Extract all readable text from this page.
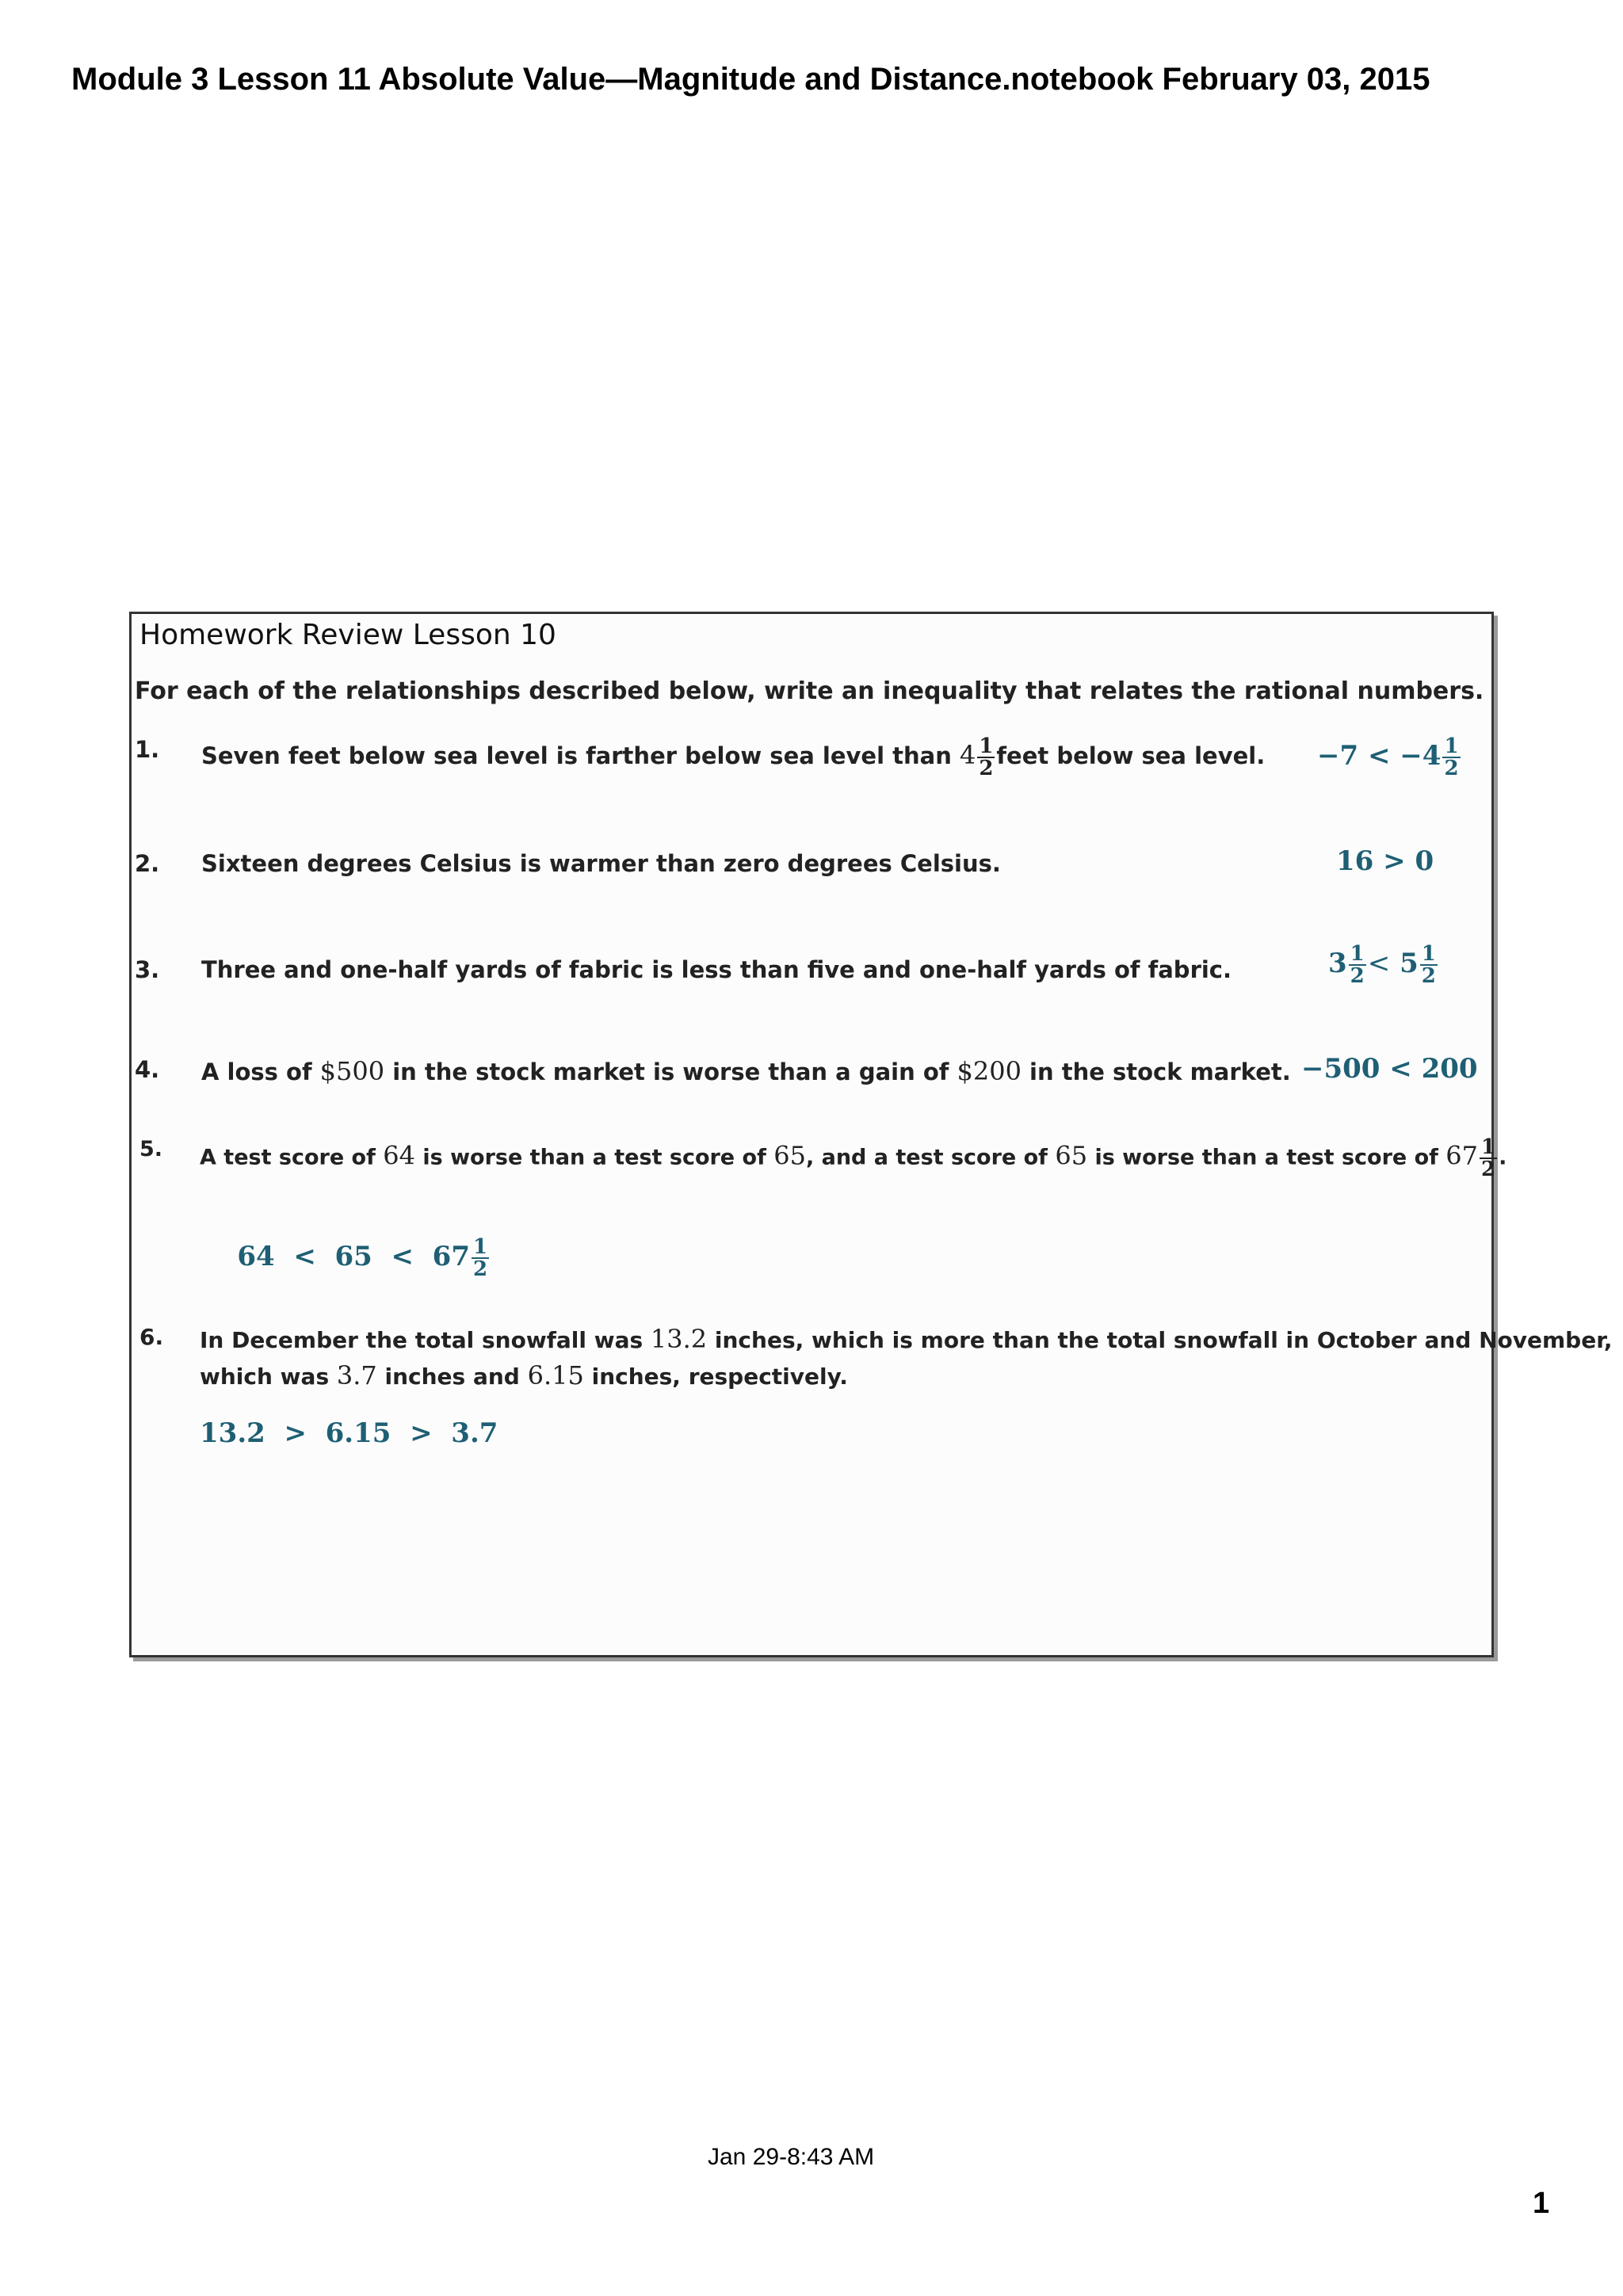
Module 3 Lesson 11 Absolute Value—Magnitude and Distance.notebook February 03, 2015
Homework Review Lesson 10
For each of the relationships described below, write an inequality that relates the rational numbers.
1. Seven feet below sea level is farther below sea level than $4 \frac{1}{2}$ feet below sea level. $-7 < -4 \frac{1}{2}$
2. Sixteen degrees Celsius is warmer than zero degrees Celsius.	16 > 0
3. Three and one-half yards of fabric is less than five and one-half yards of fabric.	$3 \frac{1}{2} < 5 \frac{1}{2}$
4. A loss of $500 in the stock market is worse than a gain of $200 in the stock market. −500 < 200
5. A test score of 64 is worse than a test score of 65, and a test score of 65 is worse than a test score of $67 \frac{1}{2}$ .

$64 < 65 < 67 \frac{1}{2}$

6. In December the total snowfall was 13.2 inches, which is more than the total snowfall in October and November,
which was 3.7 inches and 6.15 inches, respectively.
13.2  >  6.15  >  3.7
Jan 29-8:43 AM
1
